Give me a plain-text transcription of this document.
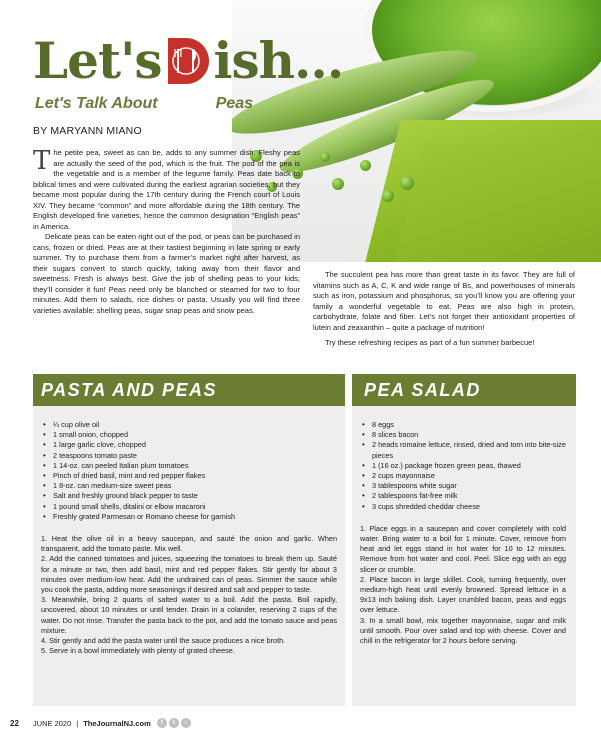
Let's ish...
Let's Talk About	Peas
BY MARYANN MIANO

The petite pea, sweet as can be, adds to any summer dish. Fleshy peas are actually the seed of the pod, which is the fruit. The pod of the pea is the vegetable and is a member of the legume family. Peas date back to biblical times and were cultivated during the earliest agrarian societies, but they became most popular during the 17th century during the French court of Louis XIV. They became “common” and more affordable during the 18th century. The English developed fine varieties, hence the common designation “English peas” in America.

Delicate peas can be eaten right out of the pod, or peas can be purchased in cans, frozen or dried. Peas are at their tastiest beginning in late spring or early summer. Try to purchase them from a farmer’s market right after harvest, as their sugars convert to starch quickly, taking away from their flavor and sweetness. Fresh is always best. Give the job of shelling peas to your kids; they’ll consider it fun! Peas need only be blanched or steamed for two to four minutes. Add them to salads, rice dishes or pasta. Usually you will find three varieties available: shelling peas, sugar snap peas and snow peas.

The succulent pea has more than great taste in its favor. They are full of vitamins such as A, C, K and wide range of Bs, and powerhouses of minerals such as iron, potassium and phosphorus, so you’ll know you are offering your family a wonderful vegetable to eat. Peas are also high in protein, carbohydrate, folate and fiber. Let’s not forget their antioxidant properties of lutein and zeaxanthin – quite a package of nutrition!

Try these refreshing recipes as part of a fun summer barbecue!

PASTA AND PEAS
• ¼ cup olive oil
• 1 small onion, chopped
• 1 large garlic clove, chopped
• 2 teaspoons tomato paste
• 1 14-oz. can peeled Italian plum tomatoes
• Pinch of dried basil, mint and red pepper flakes
• 1 8-oz. can medium-size sweet peas
• Salt and freshly ground black pepper to taste
• 1 pound small shells, ditalini or elbow macaroni
• Freshly grated Parmesan or Romano cheese for garnish

1. Heat the olive oil in a heavy saucepan, and sauté the onion and garlic. When transparent, add the tomato paste. Mix well.

2. Add the canned tomatoes and juices, squeezing the tomatoes to break them up. Sauté for a minute or two, then add basil, mint and red pepper flakes. Stir gently for about 3 minutes over medium-low heat. Add the undrained can of peas. Simmer the sauce while you cook the pasta, adding more seasonings if desired and salt and pepper to taste.

3. Meanwhile, bring 2 quarts of salted water to a boil. Add the pasta. Boil rapidly, uncovered, about 10 minutes or until tender. Drain in a colander, reserving 2 cups of the water. Do not rinse. Transfer the pasta back to the pot, and add the tomato sauce and peas mixture.

4. Stir gently and add the pasta water until the sauce produces a nice broth.

5. Serve in a bowl immediately with plenty of grated cheese.

PEA SALAD
• 8 eggs
• 8 slices bacon
• 2 heads romaine lettuce, rinsed, dried and torn into bite-size pieces
• 1 (16 oz.) package frozen green peas, thawed
• 2 cups mayonnaise
• 3 tablespoons white sugar
• 2 tablespoons fat-free milk
• 3 cups shredded cheddar cheese

1. Place eggs in a saucepan and cover completely with cold water. Bring water to a boil for 1 minute. Cover, remove from heat and let eggs stand in hot water for 10 to 12 minutes. Remove from hot water and cool. Peel. Slice egg with an egg slicer or crumble.

2. Place bacon in large skillet. Cook, turning frequently, over medium-high heat until evenly browned. Spread lettuce in a 9x13 inch baking dish. Layer crumbled bacon, peas and eggs over lettuce.

3. In a small bowl, mix together mayonnaise, sugar and milk until smooth. Pour over salad and top with cheese. Cover and chill in the refrigerator for 2 hours before serving.

22 JUNE 2020 | TheJournalNJ.com	f	t	○
